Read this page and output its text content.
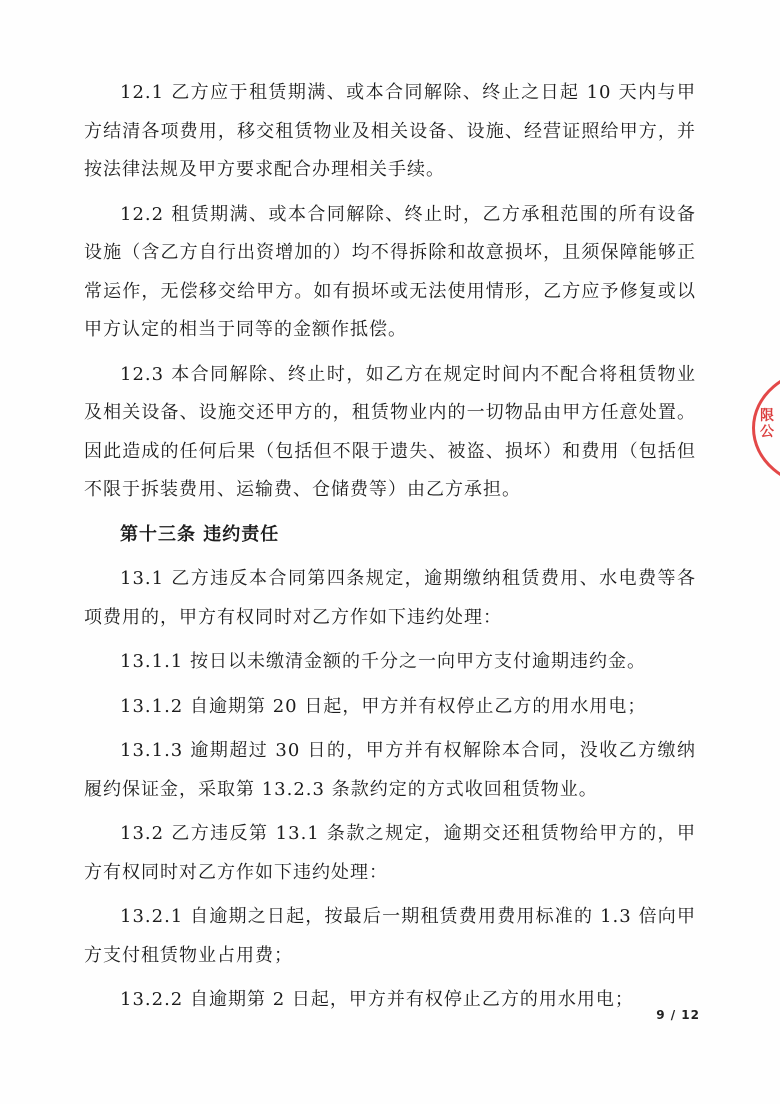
12.1 乙方应于租赁期满、或本合同解除、终止之日起 10 天内与甲方结清各项费用，移交租赁物业及相关设备、设施、经营证照给甲方，并按法律法规及甲方要求配合办理相关手续。

12.2 租赁期满、或本合同解除、终止时，乙方承租范围的所有设备设施（含乙方自行出资增加的）均不得拆除和故意损坏，且须保障能够正常运作，无偿移交给甲方。如有损坏或无法使用情形，乙方应予修复或以甲方认定的相当于同等的金额作抵偿。

12.3 本合同解除、终止时，如乙方在规定时间内不配合将租赁物业及相关设备、设施交还甲方的，租赁物业内的一切物品由甲方任意处置。因此造成的任何后果（包括但不限于遗失、被盗、损坏）和费用（包括但不限于拆装费用、运输费、仓储费等）由乙方承担。

第十三条 违约责任

13.1 乙方违反本合同第四条规定，逾期缴纳租赁费用、水电费等各项费用的，甲方有权同时对乙方作如下违约处理：

13.1.1 按日以未缴清金额的千分之一向甲方支付逾期违约金。

13.1.2 自逾期第 20 日起，甲方并有权停止乙方的用水用电；

13.1.3 逾期超过 30 日的，甲方并有权解除本合同，没收乙方缴纳履约保证金，采取第 13.2.3 条款约定的方式收回租赁物业。

13.2 乙方违反第 13.1 条款之规定，逾期交还租赁物给甲方的，甲方有权同时对乙方作如下违约处理：

13.2.1 自逾期之日起，按最后一期租赁费用费用标准的 1.3 倍向甲方支付租赁物业占用费；

13.2.2 自逾期第 2 日起，甲方并有权停止乙方的用水用电；

限公
9 / 12
